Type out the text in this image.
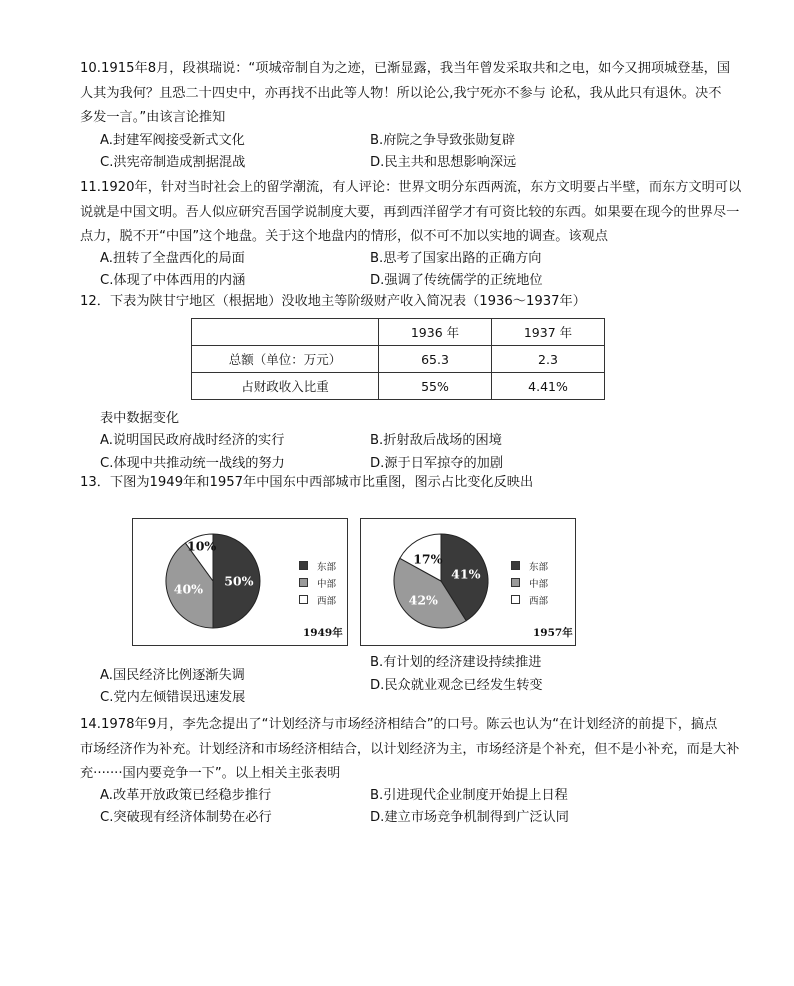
10.1915年8月，段祺瑞说：“项城帝制自为之迹，已渐显露，我当年曾发采取共和之电，如今又拥项城登基，国

人其为我何？且恐二十四史中，亦再找不出此等人物！所以论公,我宁死亦不参与 论私，我从此只有退休。决不

多发一言。”由该言论推知

A.封建军阀接受新式文化	B.府院之争导致张勋复辟
C.洪宪帝制造成割据混战	D.民主共和思想影响深远

11.1920年，针对当时社会上的留学潮流，有人评论：世界文明分东西两流，东方文明要占半壁，而东方文明可以

说就是中国文明。吾人似应研究吾国学说制度大要，再到西洋留学才有可资比较的东西。如果要在现今的世界尽一

点力，脱不开“中国”这个地盘。关于这个地盘内的情形，似不可不加以实地的调查。该观点

A.扭转了全盘西化的局面	B.思考了国家出路的正确方向
C.体现了中体西用的内涵	D.强调了传统儒学的正统地位

12．下表为陕甘宁地区（根据地）没收地主等阶级财产收入简况表（1936～1937年）

	1936 年	1937 年
总额（单位：万元）	65.3	2.3
占财政收入比重	55%	4.41%
表中数据变化
A.说明国民政府战时经济的实行	B.折射敌后战场的困境
C.体现中共推动统一战线的努力	D.源于日军掠夺的加剧

13．下图为1949年和1957年中国东中西部城市比重图，图示占比变化反映出

50%
40%
10%
东部
中部
西部
1949年
41%
42%
17%
东部
中部
西部
1957年
A.国民经济比例逐渐失调
B.有计划的经济建设持续推进
C.党内左倾错误迅速发展
D.民众就业观念已经发生转变

14.1978年9月，李先念提出了“计划经济与市场经济相结合”的口号。陈云也认为“在计划经济的前提下，搞点

市场经济作为补充。计划经济和市场经济相结合，以计划经济为主，市场经济是个补充，但不是小补充，而是大补

充·······国内要竞争一下”。以上相关主张表明

A.改革开放政策已经稳步推行	B.引进现代企业制度开始提上日程
C.突破现有经济体制势在必行	D.建立市场竞争机制得到广泛认同
